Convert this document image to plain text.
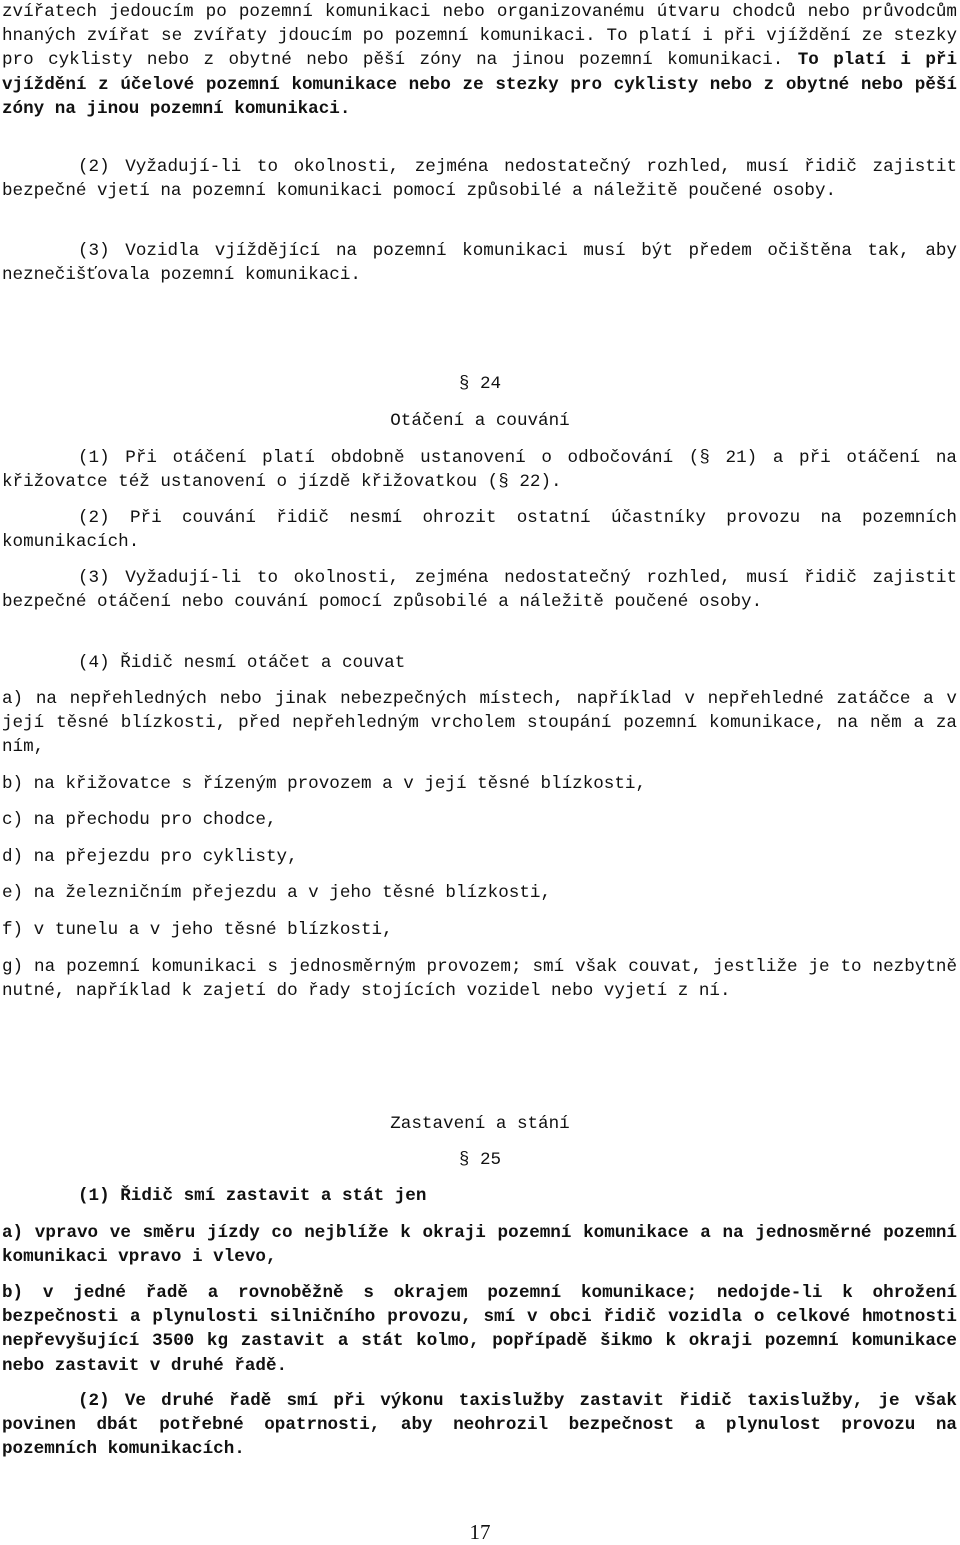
zvířatech jedoucím po pozemní komunikaci nebo organizovanému útvaru chodců nebo průvodcům hnaných zvířat se zvířaty jdoucím po pozemní komunikaci. To platí i při vjíždění ze stezky pro cyklisty nebo z obytné nebo pěší zóny na jinou pozemní komunikaci. To platí i při vjíždění z účelové pozemní komunikace nebo ze stezky pro cyklisty nebo z obytné nebo pěší zóny na jinou pozemní komunikaci.

(2) Vyžadují-li to okolnosti, zejména nedostatečný rozhled, musí řidič zajistit bezpečné vjetí na pozemní komunikaci pomocí způsobilé a náležitě poučené osoby.

(3) Vozidla vjíždějící na pozemní komunikaci musí být předem očištěna tak, aby neznečišťovala pozemní komunikaci.

§ 24

Otáčení a couvání

(1) Při otáčení platí obdobně ustanovení o odbočování (§ 21) a při otáčení na křižovatce též ustanovení o jízdě křižovatkou (§ 22).

(2) Při couvání řidič nesmí ohrozit ostatní účastníky provozu na pozemních komunikacích.

(3) Vyžadují-li to okolnosti, zejména nedostatečný rozhled, musí řidič zajistit bezpečné otáčení nebo couvání pomocí způsobilé a náležitě poučené osoby.

(4) Řidič nesmí otáčet a couvat

a) na nepřehledných nebo jinak nebezpečných místech, například v nepřehledné zatáčce a v její těsné blízkosti, před nepřehledným vrcholem stoupání pozemní komunikace, na něm a za ním,

b) na křižovatce s řízeným provozem a v její těsné blízkosti,

c) na přechodu pro chodce,

d) na přejezdu pro cyklisty,

e) na železničním přejezdu a v jeho těsné blízkosti,

f) v tunelu a v jeho těsné blízkosti,

g) na pozemní komunikaci s jednosměrným provozem; smí však couvat, jestliže je to nezbytně nutné, například k zajetí do řady stojících vozidel nebo vyjetí z ní.

Zastavení a stání

§ 25

(1) Řidič smí zastavit a stát jen

a) vpravo ve směru jízdy co nejblíže k okraji pozemní komunikace a na jednosměrné pozemní komunikaci vpravo i vlevo,

b) v jedné řadě a rovnoběžně s okrajem pozemní komunikace; nedojde-li k ohrožení bezpečnosti a plynulosti silničního provozu, smí v obci řidič vozidla o celkové hmotnosti nepřevyšující 3500 kg zastavit a stát kolmo, popřípadě šikmo k okraji pozemní komunikace nebo zastavit v druhé řadě.

(2) Ve druhé řadě smí při výkonu taxislužby zastavit řidič taxislužby, je však povinen dbát potřebné opatrnosti, aby neohrozil bezpečnost a plynulost provozu na pozemních komunikacích.

17
